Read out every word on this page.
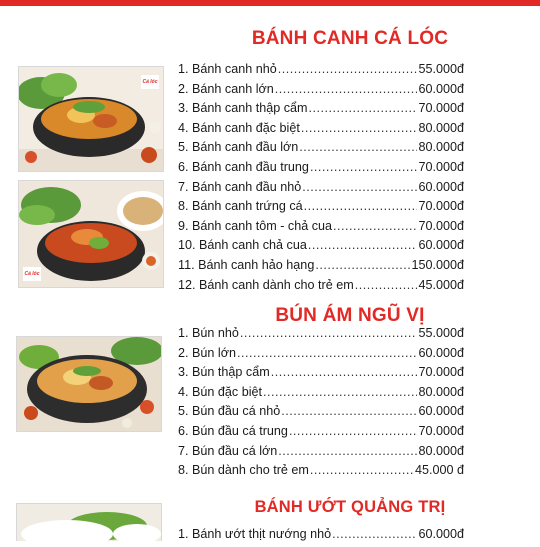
BÁNH CANH CÁ LÓC
Cá lóc
Cá lóc
1. Bánh canh nhỏ .....	55.000đ
2. Bánh canh lớn .....	60.000đ
3. Bánh canh thập cẩm .....	70.000đ
4. Bánh canh đặc biệt .....	80.000đ
5. Bánh canh đầu lớn .....	80.000đ
6. Bánh canh đầu trung .....	70.000đ
7. Bánh canh đầu nhỏ .....	60.000đ
8. Bánh canh trứng cá .....	70.000đ
9. Bánh canh tôm - chả cua .....	70.000đ
10. Bánh canh chả cua .....	60.000đ
11. Bánh canh hảo hạng .....	150.000đ
12. Bánh canh dành cho trẻ em .....	45.000đ
BÚN ÁM NGŨ VỊ
1. Bún nhỏ .....	55.000đ
2. Bún lớn .....	60.000đ
3. Bún thập cẩm .....	70.000đ
4. Bún đặc biệt .....	80.000đ
5. Bún đầu cá nhỏ .....	60.000đ
6. Bún đầu cá trung .....	70.000đ
7. Bún đầu cá lớn .....	80.000đ
8. Bún dành cho trẻ em .....	45.000 đ
BÁNH ƯỚT QUẢNG TRỊ
1. Bánh ướt thịt nướng nhỏ .....	60.000đ
